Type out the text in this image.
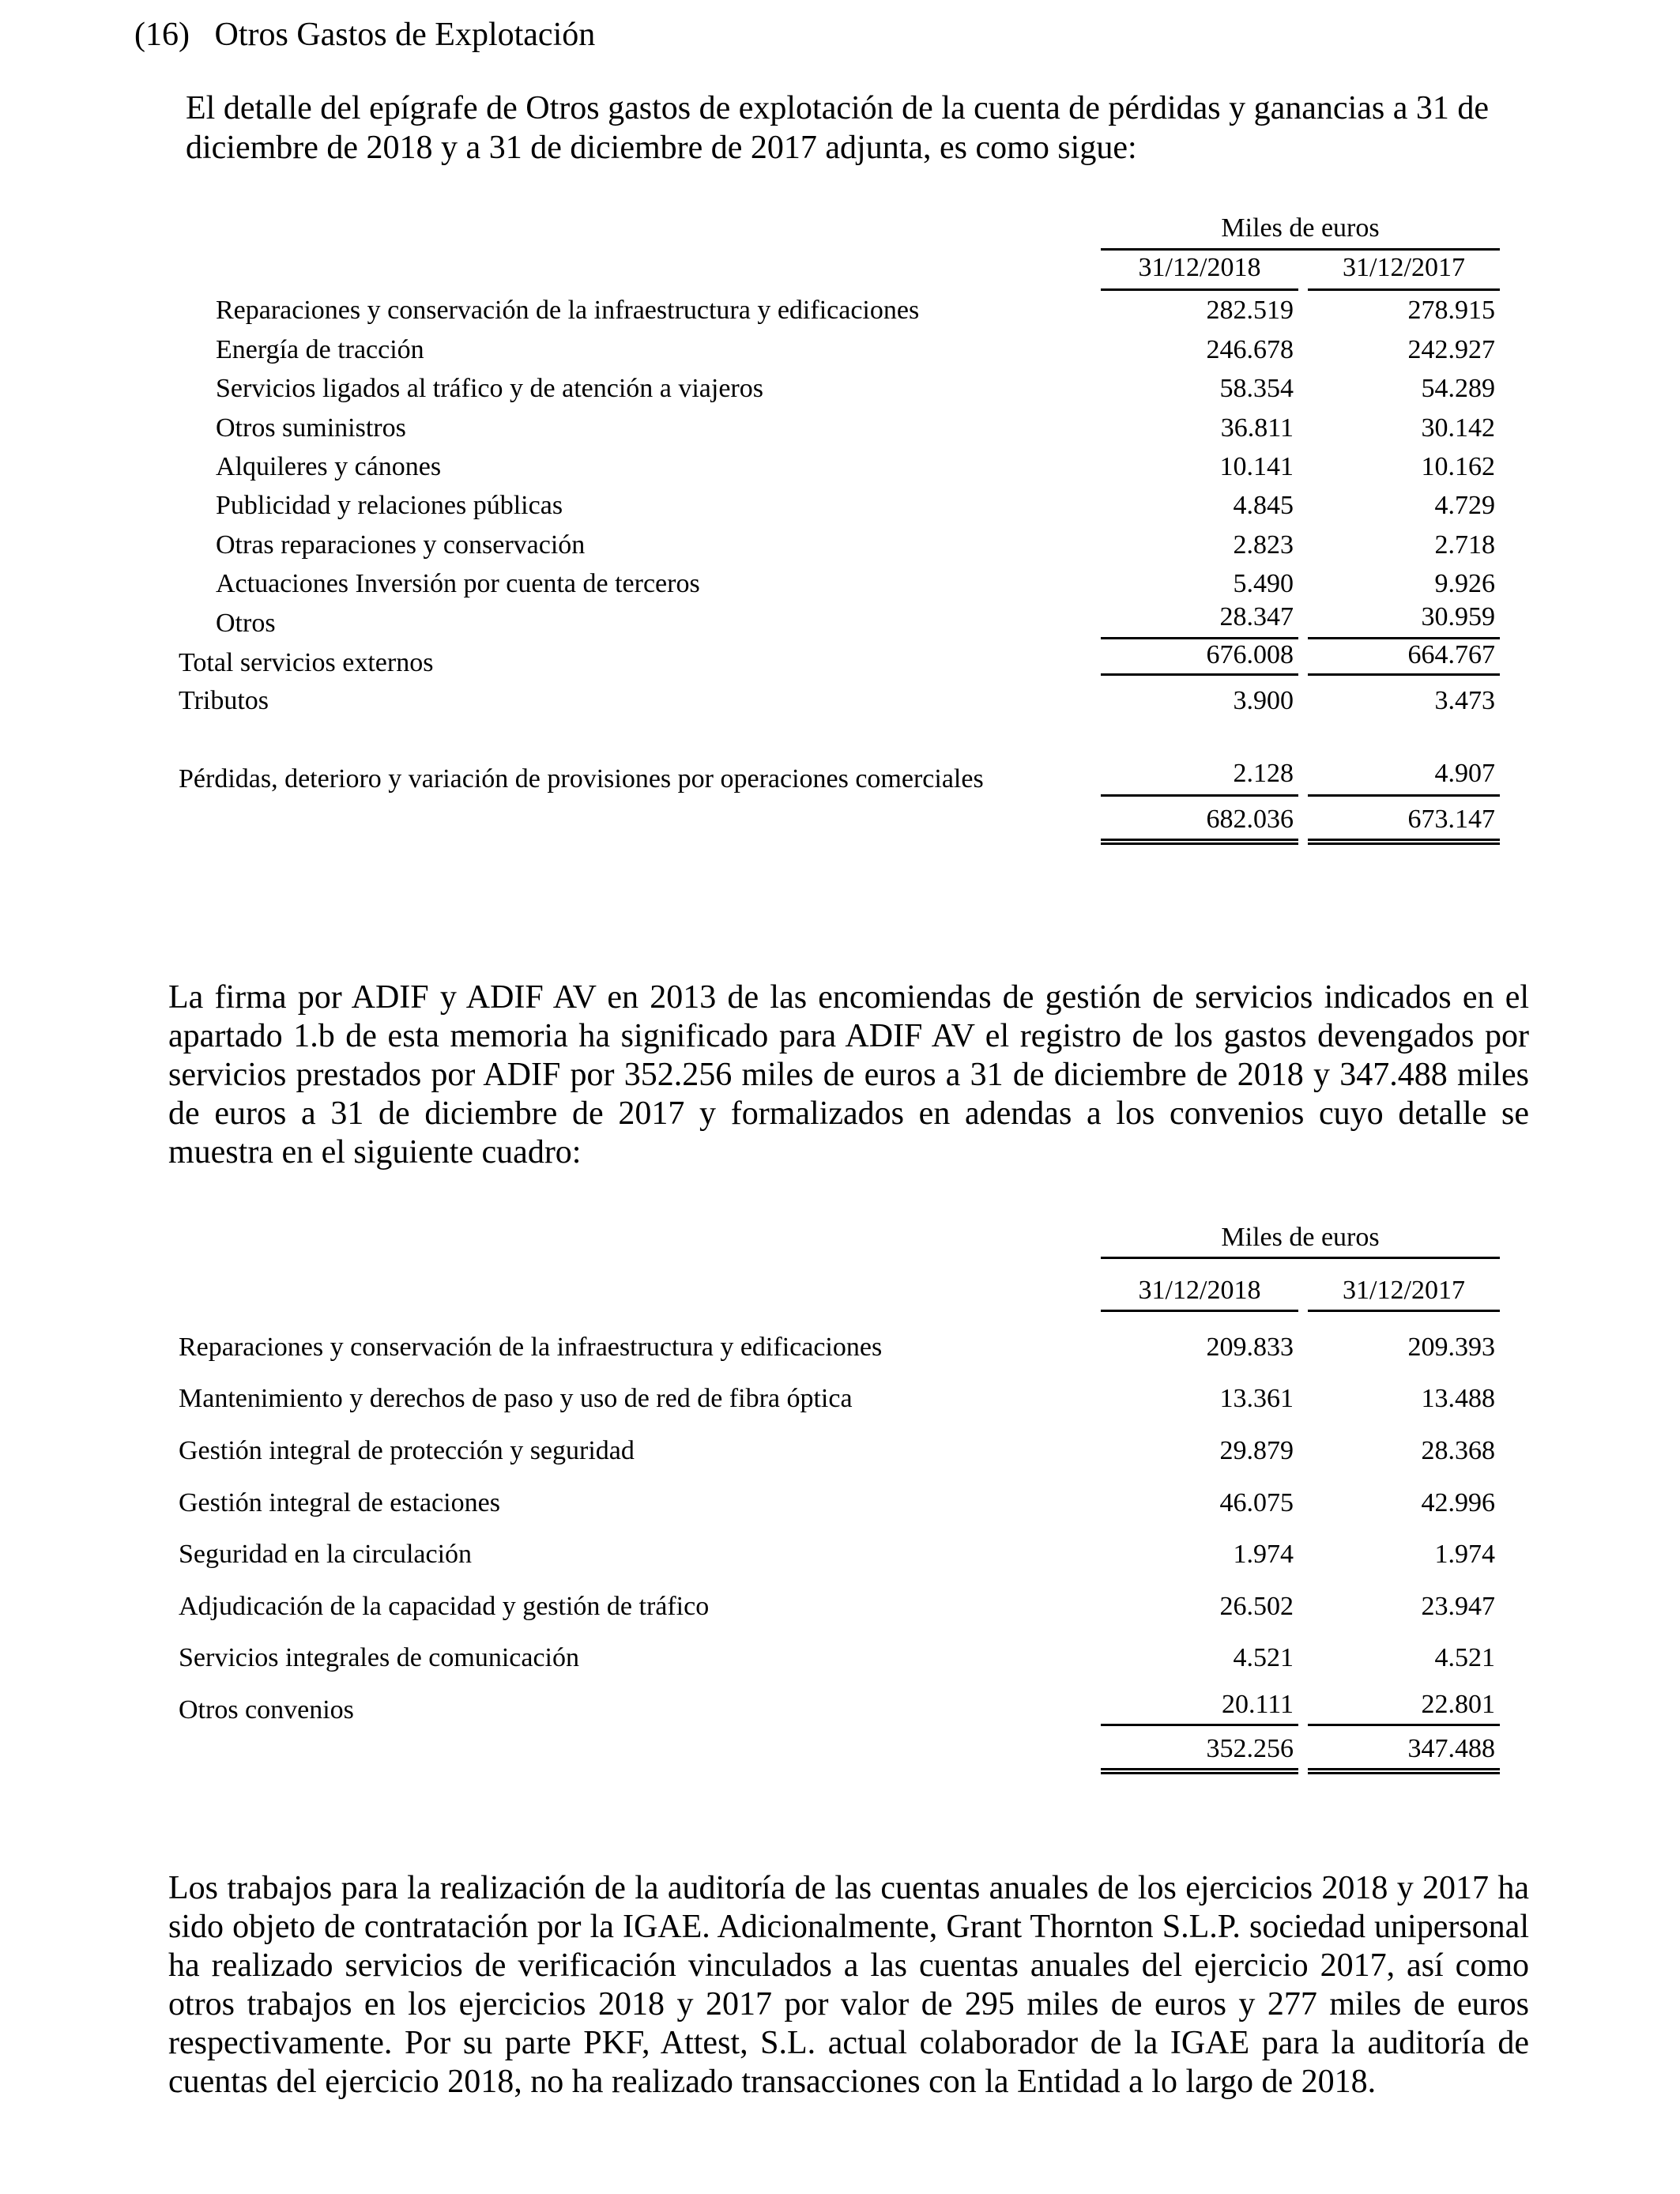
(16) Otros Gastos de Explotación
El detalle del epígrafe de Otros gastos de explotación de la cuenta de pérdidas y ganancias a 31 de diciembre de 2018 y a 31 de diciembre de 2017 adjunta, es como sigue:
Miles de euros
31/12/2018	31/12/2017
Reparaciones y conservación de la infraestructura y edificaciones	282.519	278.915
Energía de tracción	246.678	242.927
Servicios ligados al tráfico y de atención a viajeros	58.354	54.289
Otros suministros	36.811	30.142
Alquileres y cánones	10.141	10.162
Publicidad y relaciones públicas	4.845	4.729
Otras reparaciones y conservación	2.823	2.718
Actuaciones Inversión por cuenta de terceros	5.490	9.926
Otros	28.347	30.959
Total servicios externos	676.008	664.767
Tributos	3.900	3.473
Pérdidas, deterioro y variación de provisiones por operaciones comerciales	2.128	4.907
682.036	673.147
La firma por ADIF y ADIF AV en 2013 de las encomiendas de gestión de servicios indicados en el apartado 1.b de esta memoria ha significado para ADIF AV el registro de los gastos devengados por servicios prestados por ADIF por 352.256 miles de euros a 31 de diciembre de 2018 y 347.488 miles de euros a 31 de diciembre de 2017 y formalizados en adendas a los convenios cuyo detalle se muestra en el siguiente cuadro:
Miles de euros
31/12/2018	31/12/2017
Reparaciones y conservación de la infraestructura y edificaciones	209.833	209.393
Mantenimiento y derechos de paso y uso de red de fibra óptica	13.361	13.488
Gestión integral de protección y seguridad	29.879	28.368
Gestión integral de estaciones	46.075	42.996
Seguridad en la circulación	1.974	1.974
Adjudicación de la capacidad y gestión de tráfico	26.502	23.947
Servicios integrales de comunicación	4.521	4.521
Otros convenios	20.111	22.801
352.256	347.488
Los trabajos para la realización de la auditoría de las cuentas anuales de los ejercicios 2018 y 2017 ha sido objeto de contratación por la IGAE. Adicionalmente, Grant Thornton S.L.P. sociedad unipersonal ha realizado servicios de verificación vinculados a las cuentas anuales del ejercicio 2017, así como otros trabajos en los ejercicios 2018 y 2017 por valor de 295 miles de euros y 277 miles de euros respectivamente. Por su parte PKF, Attest, S.L. actual colaborador de la IGAE para la auditoría de cuentas del ejercicio 2018, no ha realizado transacciones con la Entidad a lo largo de 2018.
